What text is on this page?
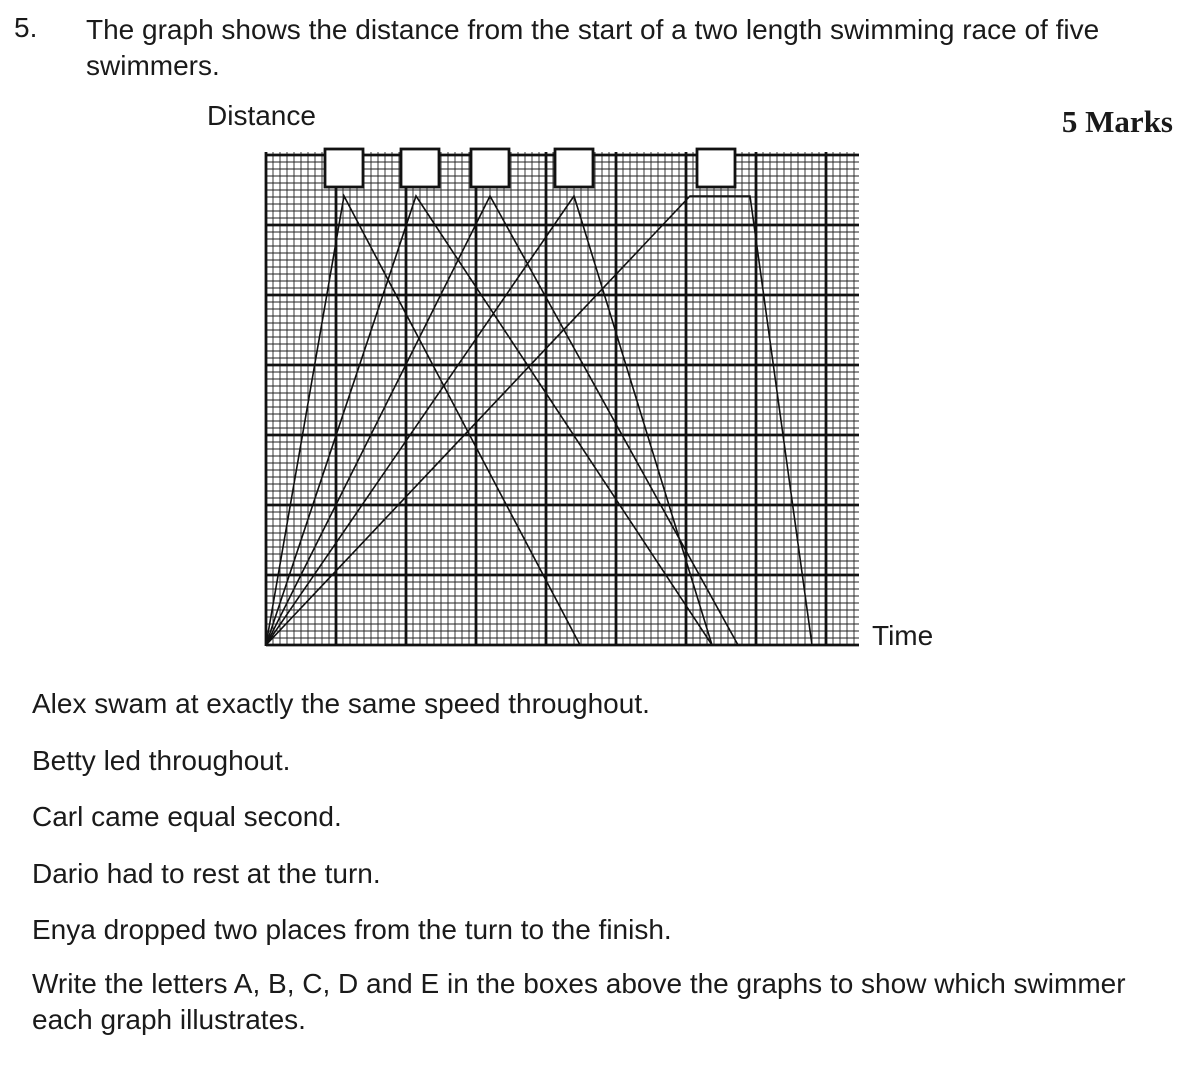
5. The graph shows the distance from the start of a two length swimming race of five swimmers.
5 Marks
Distance
Time
Alex swam at exactly the same speed throughout.
Betty led throughout.
Carl came equal second.
Dario had to rest at the turn.
Enya dropped two places from the turn to the finish.
Write the letters A, B, C, D and E in the boxes above the graphs to show which swimmer each graph illustrates.
